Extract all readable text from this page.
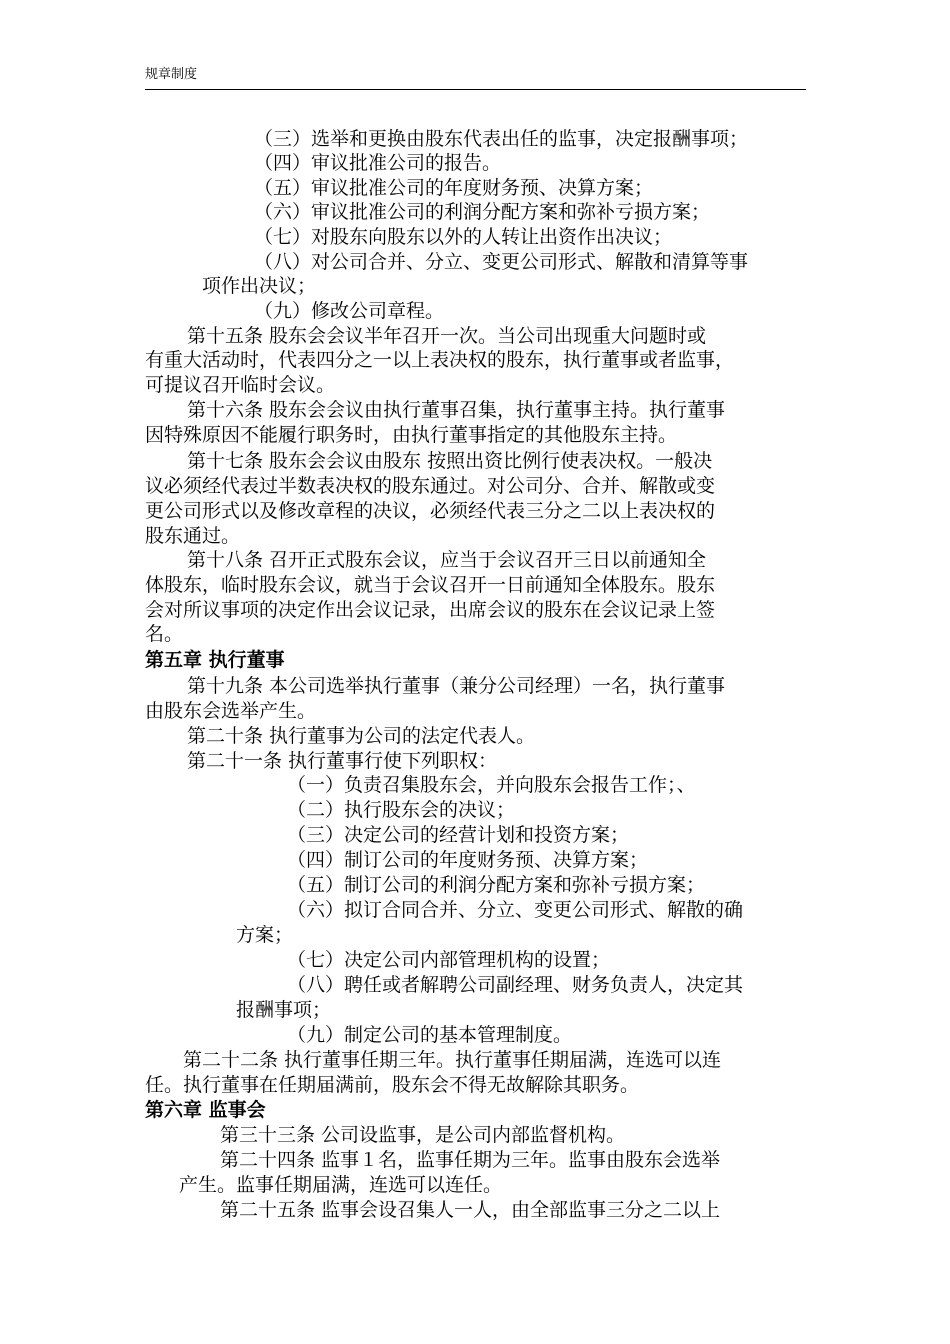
规章制度
（三）选举和更换由股东代表出任的监事，决定报酬事项；
（四）审议批准公司的报告。
（五）审议批准公司的年度财务预、决算方案；
（六）审议批准公司的利润分配方案和弥补亏损方案；
（七）对股东向股东以外的人转让出资作出决议；
（八）对公司合并、分立、变更公司形式、解散和清算等事
项作出决议；
（九）修改公司章程。
第十五条 股东会会议半年召开一次。当公司出现重大问题时或
有重大活动时，代表四分之一以上表决权的股东，执行董事或者监事，
可提议召开临时会议。
第十六条 股东会会议由执行董事召集，执行董事主持。执行董事
因特殊原因不能履行职务时，由执行董事指定的其他股东主持。
第十七条 股东会会议由股东 按照出资比例行使表决权。一般决
议必须经代表过半数表决权的股东通过。对公司分、合并、解散或变
更公司形式以及修改章程的决议，必须经代表三分之二以上表决权的
股东通过。
第十八条 召开正式股东会议，应当于会议召开三日以前通知全
体股东，临时股东会议，就当于会议召开一日前通知全体股东。股东
会对所议事项的决定作出会议记录，出席会议的股东在会议记录上签
名。
第五章 执行董事
第十九条 本公司选举执行董事（兼分公司经理）一名，执行董事
由股东会选举产生。
第二十条 执行董事为公司的法定代表人。
第二十一条 执行董事行使下列职权：
（一）负责召集股东会，并向股东会报告工作；、
（二）执行股东会的决议；
（三）决定公司的经营计划和投资方案；
（四）制订公司的年度财务预、决算方案；
（五）制订公司的利润分配方案和弥补亏损方案；
（六）拟订合同合并、分立、变更公司形式、解散的确
方案；
（七）决定公司内部管理机构的设置；
（八）聘任或者解聘公司副经理、财务负责人，决定其
报酬事项；
（九）制定公司的基本管理制度。
第二十二条 执行董事任期三年。执行董事任期届满，连选可以连
任。执行董事在任期届满前，股东会不得无故解除其职务。
第六章 监事会
第三十三条 公司设监事，是公司内部监督机构。
第二十四条 监事１名，监事任期为三年。监事由股东会选举
产生。监事任期届满，连选可以连任。
第二十五条 监事会设召集人一人，由全部监事三分之二以上
